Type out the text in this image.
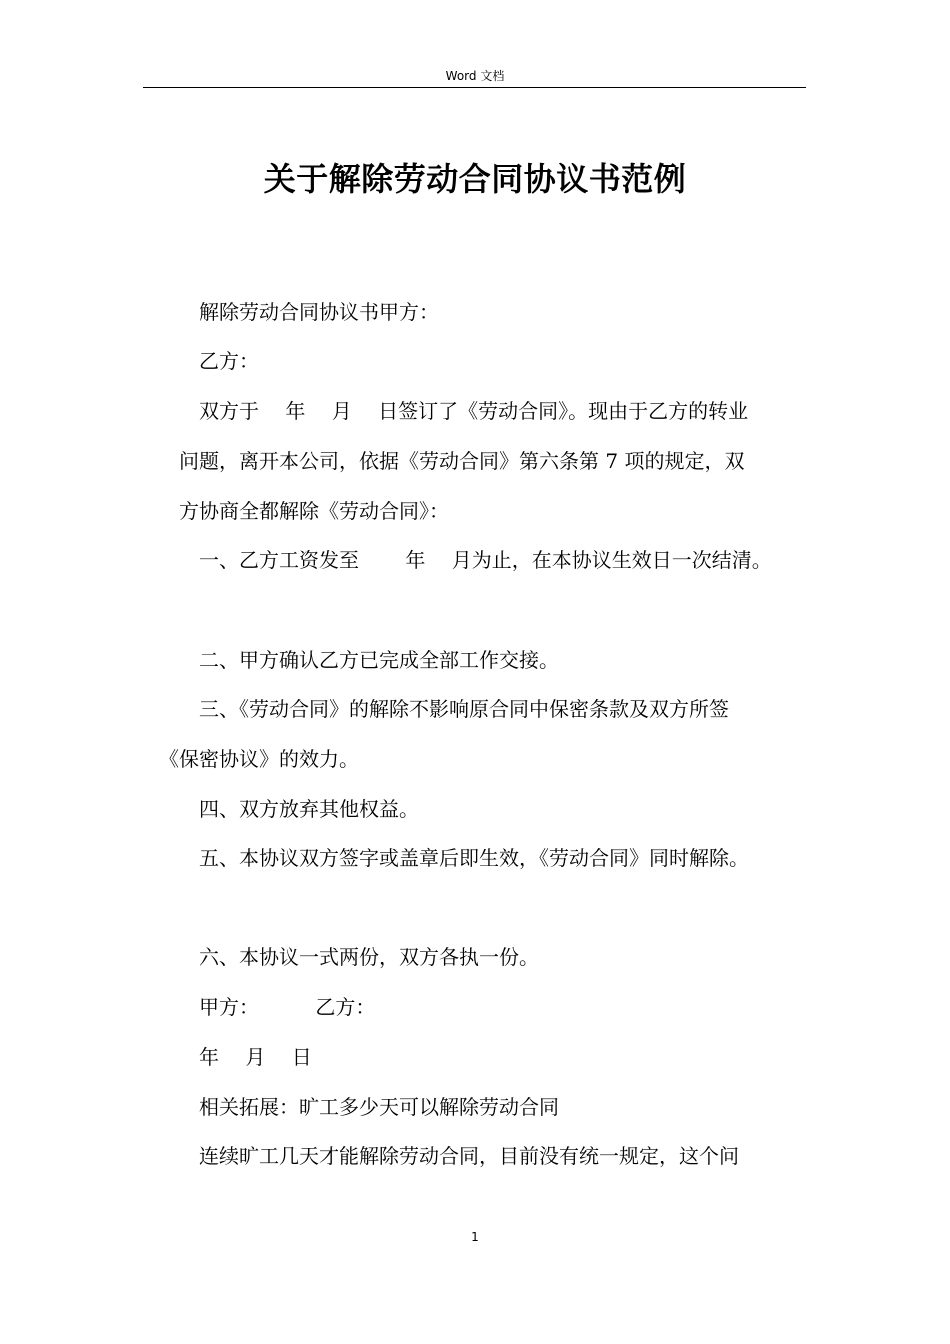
Word 文档
关于解除劳动合同协议书范例
解除劳动合同协议书甲方：
乙方：
双方于　 年 　月 　日签订了《劳动合同》。现由于乙方的转业
问题，离开本公司，依据《劳动合同》第六条第 7 项的规定，双
方协商全都解除《劳动合同》：
一、乙方工资发至　　 年 　月为止，在本协议生效日一次结清。
二、甲方确认乙方已完成全部工作交接。
三、《劳动合同》的解除不影响原合同中保密条款及双方所签
《保密协议》的效力。
四、双方放弃其他权益。
五、本协议双方签字或盖章后即生效，《劳动合同》同时解除。
六、本协议一式两份，双方各执一份。
甲方：　　 　乙方：
年 　月 　日
相关拓展：旷工多少天可以解除劳动合同
连续旷工几天才能解除劳动合同，目前没有统一规定，这个问
1
